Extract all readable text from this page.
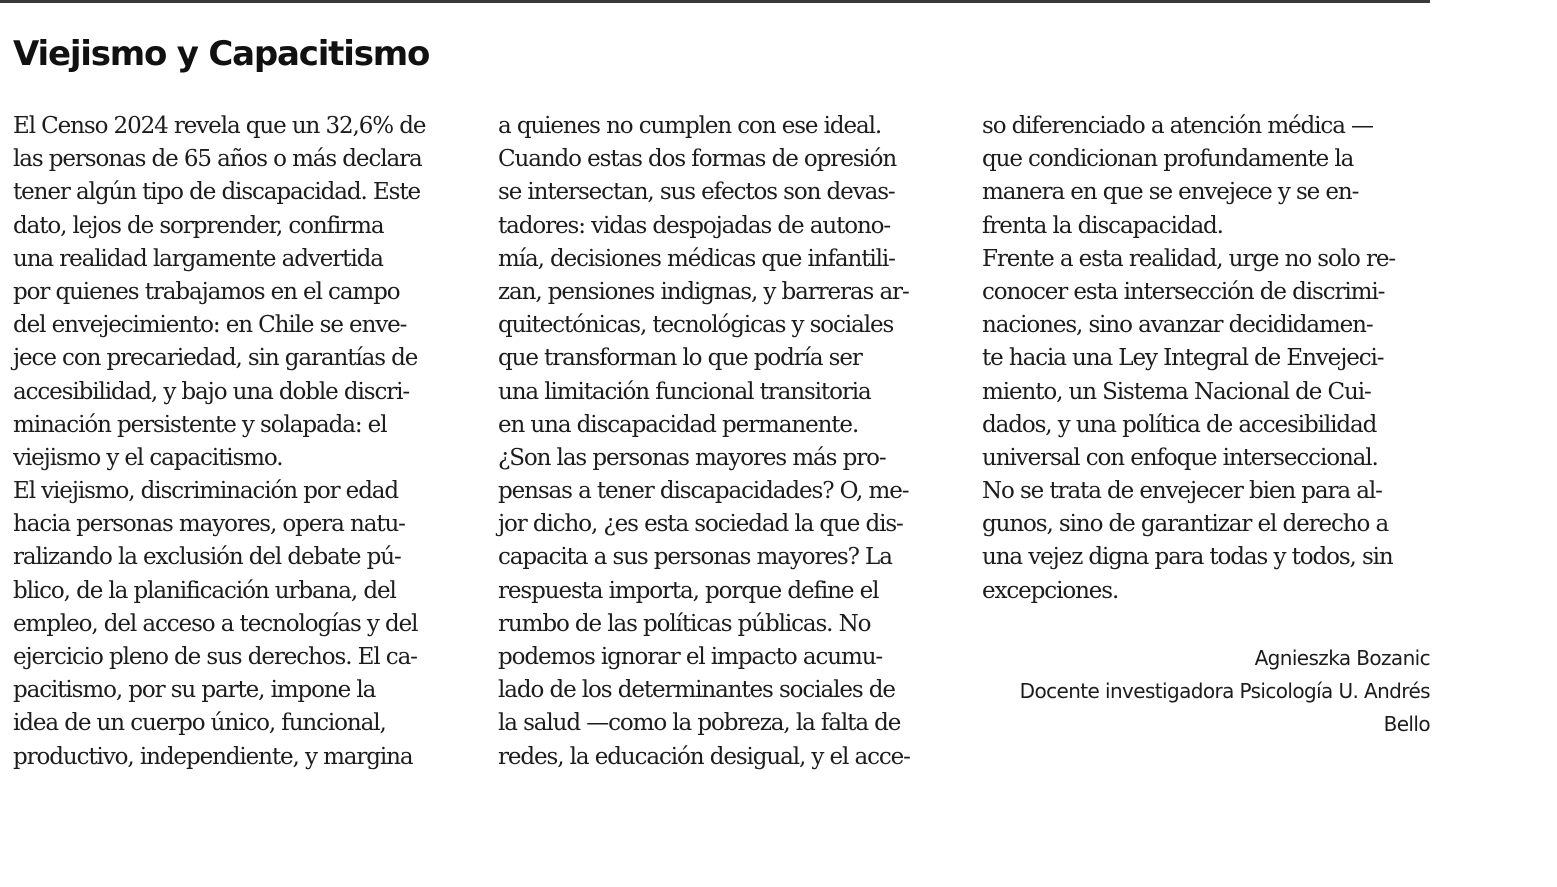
Viejismo y Capacitismo
El Censo 2024 revela que un 32,6% de
las personas de 65 años o más declara
tener algún tipo de discapacidad. Este
dato, lejos de sorprender, confirma
una realidad largamente advertida
por quienes trabajamos en el campo
del envejecimiento: en Chile se enve-
jece con precariedad, sin garantías de
accesibilidad, y bajo una doble discri-
minación persistente y solapada: el
viejismo y el capacitismo.
El viejismo, discriminación por edad
hacia personas mayores, opera natu-
ralizando la exclusión del debate pú-
blico, de la planificación urbana, del
empleo, del acceso a tecnologías y del
ejercicio pleno de sus derechos. El ca-
pacitismo, por su parte, impone la
idea de un cuerpo único, funcional,
productivo, independiente, y margina
a quienes no cumplen con ese ideal.
Cuando estas dos formas de opresión
se intersectan, sus efectos son devas-
tadores: vidas despojadas de autono-
mía, decisiones médicas que infantili-
zan, pensiones indignas, y barreras ar-
quitectónicas, tecnológicas y sociales
que transforman lo que podría ser
una limitación funcional transitoria
en una discapacidad permanente.
¿Son las personas mayores más pro-
pensas a tener discapacidades? O, me-
jor dicho, ¿es esta sociedad la que dis-
capacita a sus personas mayores? La
respuesta importa, porque define el
rumbo de las políticas públicas. No
podemos ignorar el impacto acumu-
lado de los determinantes sociales de
la salud —como la pobreza, la falta de
redes, la educación desigual, y el acce-
so diferenciado a atención médica —
que condicionan profundamente la
manera en que se envejece y se en-
frenta la discapacidad.
Frente a esta realidad, urge no solo re-
conocer esta intersección de discrimi-
naciones, sino avanzar decididamen-
te hacia una Ley Integral de Envejeci-
miento, un Sistema Nacional de Cui-
dados, y una política de accesibilidad
universal con enfoque interseccional.
No se trata de envejecer bien para al-
gunos, sino de garantizar el derecho a
una vejez digna para todas y todos, sin
excepciones.
Agnieszka Bozanic
Docente investigadora Psicología U. Andrés
Bello
